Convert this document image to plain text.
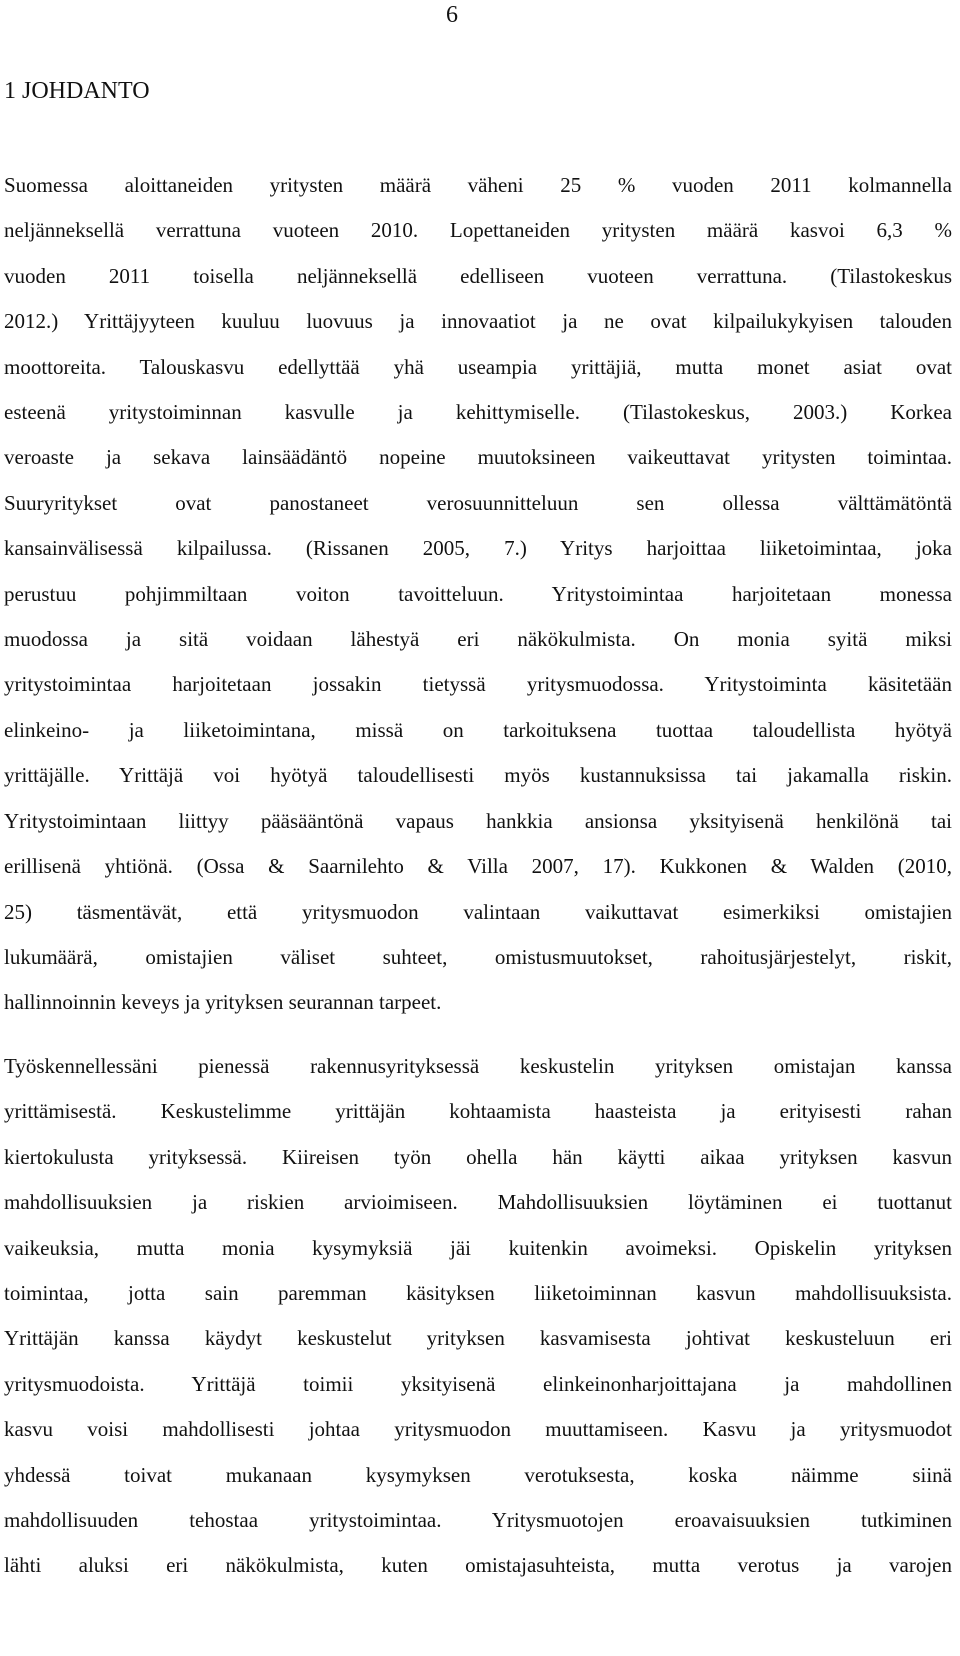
6
1 JOHDANTO
Suomessa aloittaneiden yritysten määrä väheni 25 % vuoden 2011 kolmannella
neljänneksellä verrattuna vuoteen 2010. Lopettaneiden yritysten määrä kasvoi 6,3 %
vuoden 2011 toisella neljänneksellä edelliseen vuoteen verrattuna. (Tilastokeskus
2012.) Yrittäjyyteen kuuluu luovuus ja innovaatiot ja ne ovat kilpailukykyisen talouden
moottoreita. Talouskasvu edellyttää yhä useampia yrittäjiä, mutta monet asiat ovat
esteenä yritystoiminnan kasvulle ja kehittymiselle. (Tilastokeskus, 2003.) Korkea
veroaste ja sekava lainsäädäntö nopeine muutoksineen vaikeuttavat yritysten toimintaa.
Suuryritykset ovat panostaneet verosuunnitteluun sen ollessa välttämätöntä
kansainvälisessä kilpailussa. (Rissanen 2005, 7.) Yritys harjoittaa liiketoimintaa, joka
perustuu pohjimmiltaan voiton tavoitteluun. Yritystoimintaa harjoitetaan monessa
muodossa ja sitä voidaan lähestyä eri näkökulmista. On monia syitä miksi
yritystoimintaa harjoitetaan jossakin tietyssä yritysmuodossa. Yritystoiminta käsitetään
elinkeino- ja liiketoimintana, missä on tarkoituksena tuottaa taloudellista hyötyä
yrittäjälle. Yrittäjä voi hyötyä taloudellisesti myös kustannuksissa tai jakamalla riskin.
Yritystoimintaan liittyy pääsääntönä vapaus hankkia ansionsa yksityisenä henkilönä tai
erillisenä yhtiönä. (Ossa & Saarnilehto & Villa 2007, 17). Kukkonen & Walden (2010,
25) täsmentävät, että yritysmuodon valintaan vaikuttavat esimerkiksi omistajien
lukumäärä, omistajien väliset suhteet, omistusmuutokset, rahoitusjärjestelyt, riskit,
hallinnoinnin keveys ja yrityksen seurannan tarpeet.
Työskennellessäni pienessä rakennusyrityksessä keskustelin yrityksen omistajan kanssa
yrittämisestä. Keskustelimme yrittäjän kohtaamista haasteista ja erityisesti rahan
kiertokulusta yrityksessä. Kiireisen työn ohella hän käytti aikaa yrityksen kasvun
mahdollisuuksien ja riskien arvioimiseen. Mahdollisuuksien löytäminen ei tuottanut
vaikeuksia, mutta monia kysymyksiä jäi kuitenkin avoimeksi. Opiskelin yrityksen
toimintaa, jotta sain paremman käsityksen liiketoiminnan kasvun mahdollisuuksista.
Yrittäjän kanssa käydyt keskustelut yrityksen kasvamisesta johtivat keskusteluun eri
yritysmuodoista. Yrittäjä toimii yksityisenä elinkeinonharjoittajana ja mahdollinen
kasvu voisi mahdollisesti johtaa yritysmuodon muuttamiseen. Kasvu ja yritysmuodot
yhdessä toivat mukanaan kysymyksen verotuksesta, koska näimme siinä
mahdollisuuden tehostaa yritystoimintaa. Yritysmuotojen eroavaisuuksien tutkiminen
lähti aluksi eri näkökulmista, kuten omistajasuhteista, mutta verotus ja varojen
